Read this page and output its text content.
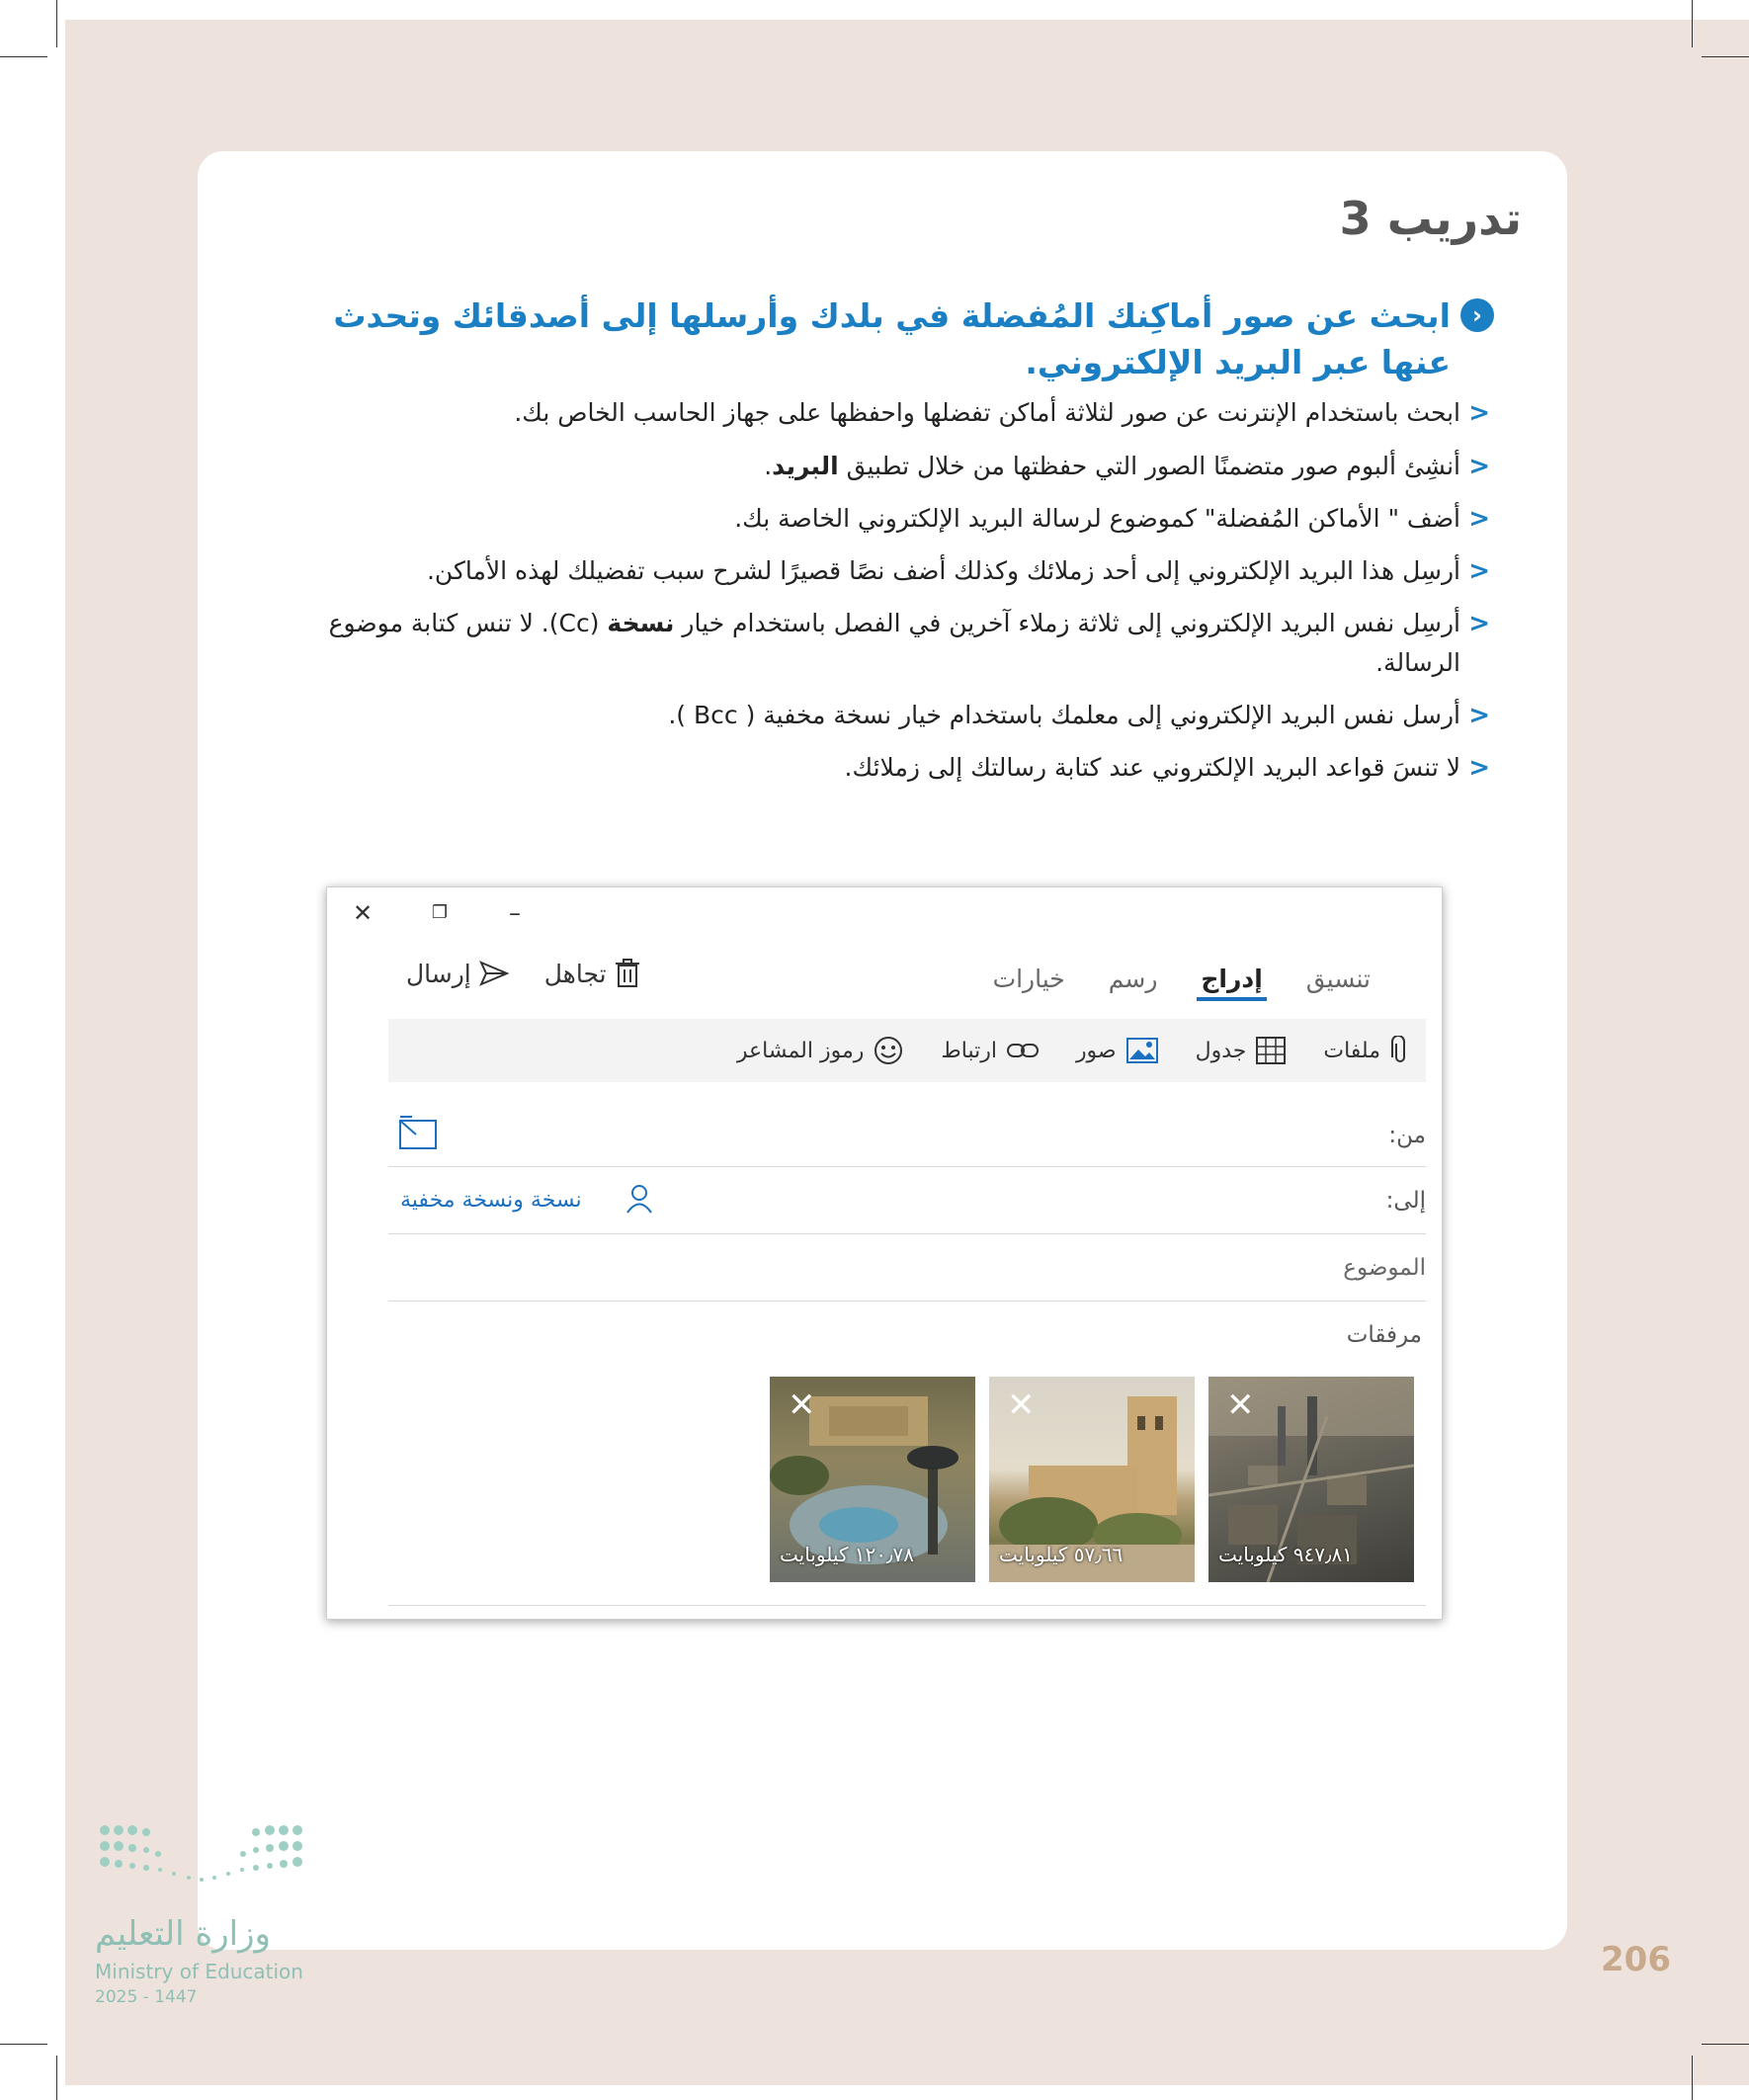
تدريب 3

‹
ابحث عن صور أماكِنك المُفضلة في بلدك وأرسلها إلى أصدقائك وتحدث عنها عبر البريد الإلكتروني.

<
ابحث باستخدام الإنترنت عن صور لثلاثة أماكن تفضلها واحفظها على جهاز الحاسب الخاص بك.
<
أنشِئ ألبوم صور متضمنًا الصور التي حفظتها من خلال تطبيق البريد.
<
أضف " الأماكن المُفضلة" كموضوع لرسالة البريد الإلكتروني الخاصة بك.
<
أرسِل هذا البريد الإلكتروني إلى أحد زملائك وكذلك أضف نصًا قصيرًا لشرح سبب تفضيلك لهذه الأماكن.
<
أرسِل نفس البريد الإلكتروني إلى ثلاثة زملاء آخرين في الفصل باستخدام خيار نسخة (Cc). لا تنس كتابة موضوع الرسالة.
<
أرسل نفس البريد الإلكتروني إلى معلمك باستخدام خيار نسخة مخفية ( Bcc ).
<
لا تنسَ قواعد البريد الإلكتروني عند كتابة رسالتك إلى زملائك.
✕	❐	–
تنسيق
إدراج
رسم
خيارات
تجاهل
إرسال
ملفات
جدول
صور
ارتباط
رموز المشاعر
من:
إلى:
نسخة ونسخة مخفية
الموضوع
مرفقات
✕
٩٤٧٫٨١ كيلوبايت
✕
٥٧٫٦٦ كيلوبايت
✕
١٢٠٫٧٨ كيلوبايت
وزارة التعليم
Ministry of Education
2025 - 1447
206
